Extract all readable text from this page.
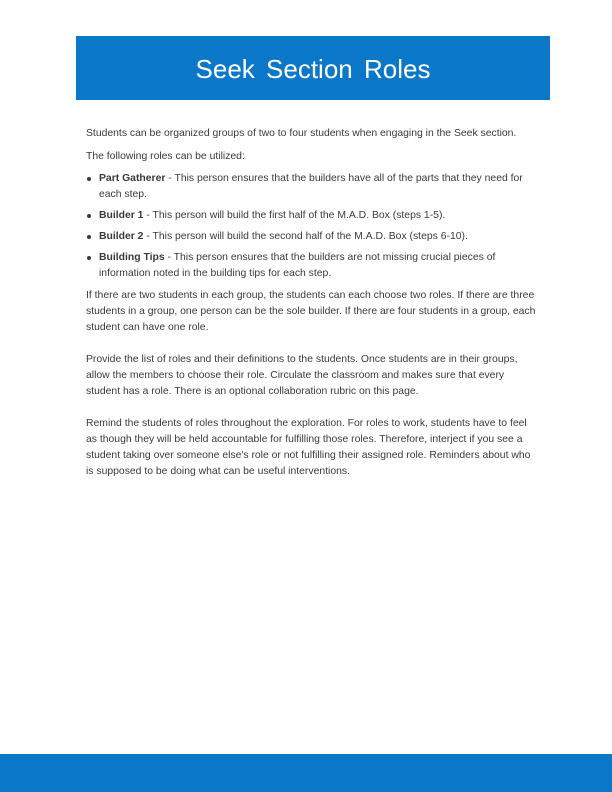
Seek Section Roles

Students can be organized groups of two to four students when engaging in the Seek section.

The following roles can be utilized:

Part Gatherer - This person ensures that the builders have all of the parts that they need for each step.
Builder 1 - This person will build the first half of the M.A.D. Box (steps 1-5).
Builder 2 - This person will build the second half of the M.A.D. Box (steps 6-10).
Building Tips - This person ensures that the builders are not missing crucial pieces of information noted in the building tips for each step.

If there are two students in each group, the students can each choose two roles. If there are three students in a group, one person can be the sole builder. If there are four students in a group, each student can have one role.

Provide the list of roles and their definitions to the students. Once students are in their groups, allow the members to choose their role. Circulate the classroom and makes sure that every student has a role. There is an optional collaboration rubric on this page.

Remind the students of roles throughout the exploration. For roles to work, students have to feel as though they will be held accountable for fulfilling those roles. Therefore, interject if you see a student taking over someone else's role or not fulfilling their assigned role. Reminders about who is supposed to be doing what can be useful interventions.
